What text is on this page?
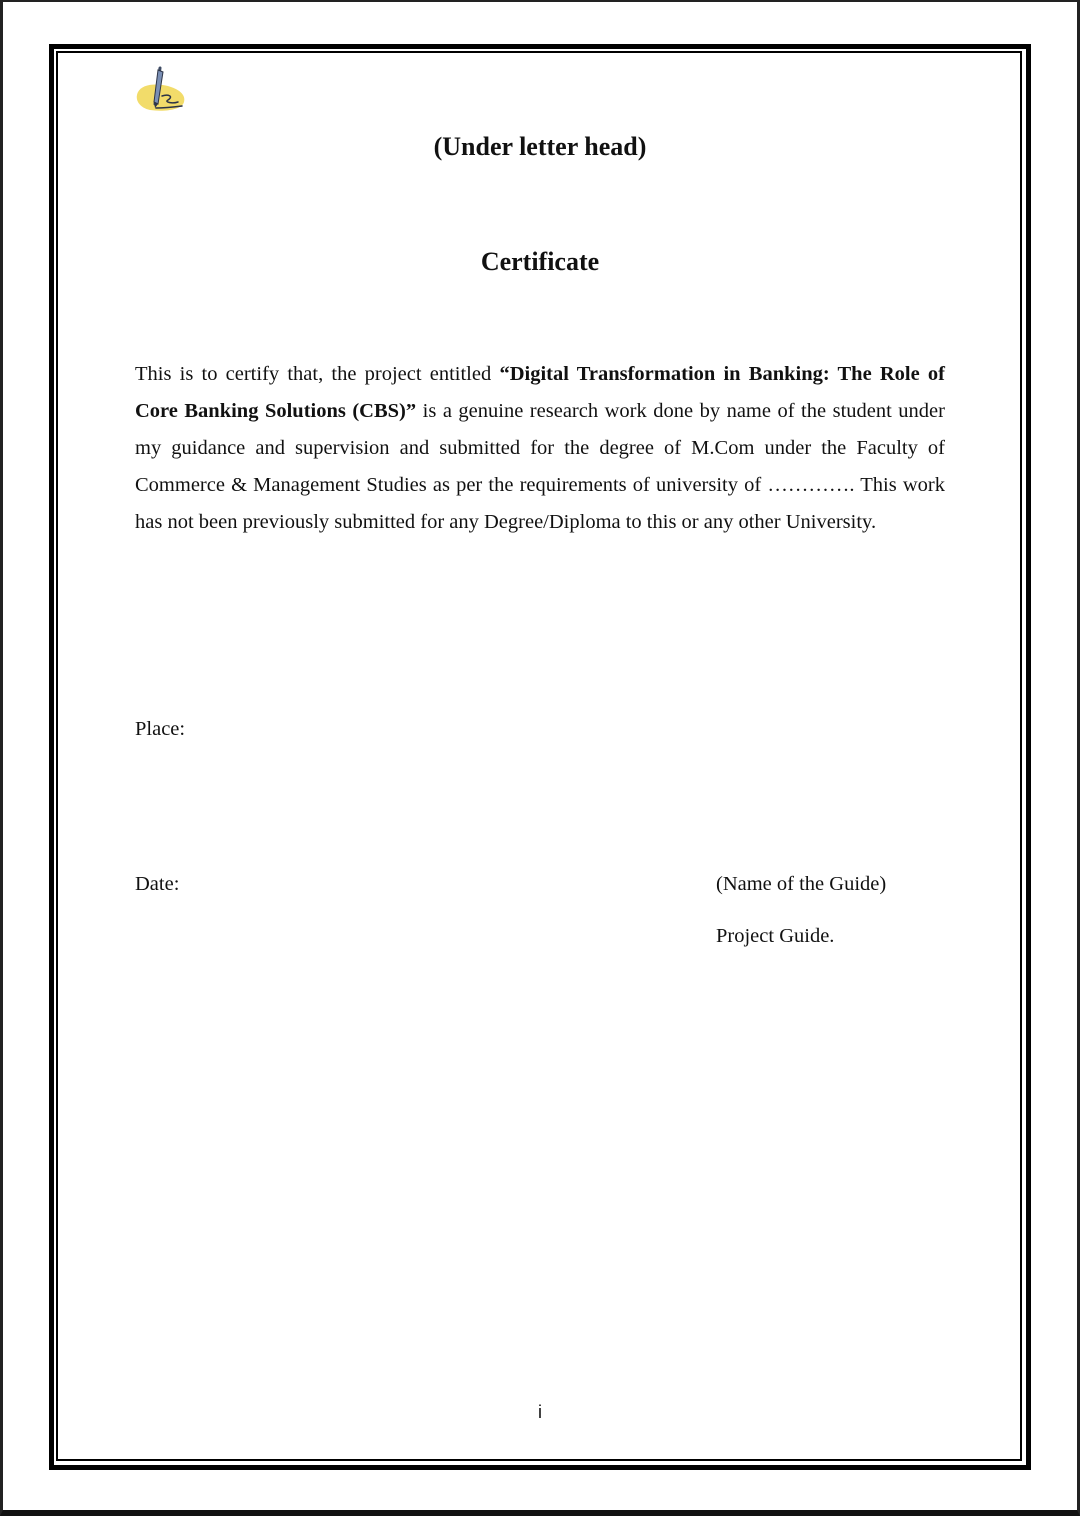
(Under letter head)
Certificate

This is to certify that, the project entitled “Digital Transformation in Banking: The Role of Core Banking Solutions (CBS)” is a genuine research work done by name of the student under my guidance and supervision and submitted for the degree of M.Com under the Faculty of Commerce & Management Studies as per the requirements of university of …………. This work has not been previously submitted for any Degree/Diploma to this or any other University.

Place:
Date:	(Name of the Guide)
Project Guide.
i
